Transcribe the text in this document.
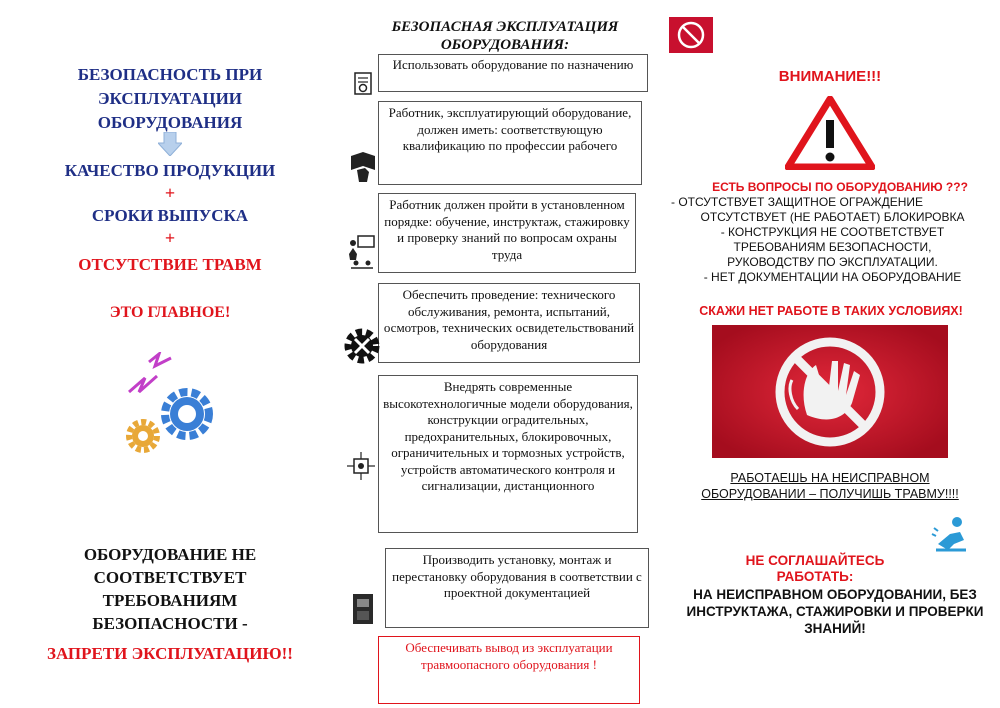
БЕЗОПАСНОСТЬ ПРИ ЭКСПЛУАТАЦИИ ОБОРУДОВАНИЯ
КАЧЕСТВО ПРОДУКЦИИ
+
СРОКИ ВЫПУСКА
+
ОТСУТСТВИЕ ТРАВМ
ЭТО ГЛАВНОЕ!
ОБОРУДОВАНИЕ НЕ СООТВЕТСТВУЕТ ТРЕБОВАНИЯМ БЕЗОПАСНОСТИ -
ЗАПРЕТИ ЭКСПЛУАТАЦИЮ!!
БЕЗОПАСНАЯ ЭКСПЛУАТАЦИЯ ОБОРУДОВАНИЯ:
Использовать оборудование по назначению
Работник, эксплуатирующий оборудование, должен иметь: соответствующую квалификацию по профессии рабочего
Работник должен пройти в установленном порядке: обучение, инструктаж, стажировку и проверку знаний по вопросам охраны труда
Обеспечить проведение: технического обслуживания, ремонта, испытаний, осмотров, технических освидетельствований оборудования
Внедрять современные высокотехнологичные модели оборудования, конструкции оградительных, предохранительных, блокировочных, ограничительных и тормозных устройств, устройств автоматического контроля и сигнализации, дистанционного
Производить установку, монтаж и перестановку оборудования в соответствии с проектной документацией
Обеспечивать вывод из эксплуатации травмоопасного оборудования !
ВНИМАНИЕ!!!
ЕСТЬ ВОПРОСЫ ПО ОБОРУДОВАНИЮ ???
- ОТСУТСТВУЕТ ЗАЩИТНОЕ ОГРАЖДЕНИЕ
ОТСУТСТВУЕТ (НЕ РАБОТАЕТ) БЛОКИРОВКА
- КОНСТРУКЦИЯ НЕ СООТВЕТСТВУЕТ
ТРЕБОВАНИЯМ БЕЗОПАСНОСТИ,
РУКОВОДСТВУ ПО ЭКСПЛУАТАЦИИ.
- НЕТ ДОКУМЕНТАЦИИ НА ОБОРУДОВАНИЕ
СКАЖИ НЕТ РАБОТЕ В ТАКИХ УСЛОВИЯХ!
РАБОТАЕШЬ НА НЕИСПРАВНОМ ОБОРУДОВАНИИ – ПОЛУЧИШЬ ТРАВМУ!!!!
НЕ СОГЛАШАЙТЕСЬ РАБОТАТЬ:
НА НЕИСПРАВНОМ ОБОРУДОВАНИИ, БЕЗ ИНСТРУКТАЖА, СТАЖИРОВКИ И ПРОВЕРКИ ЗНАНИЙ!
